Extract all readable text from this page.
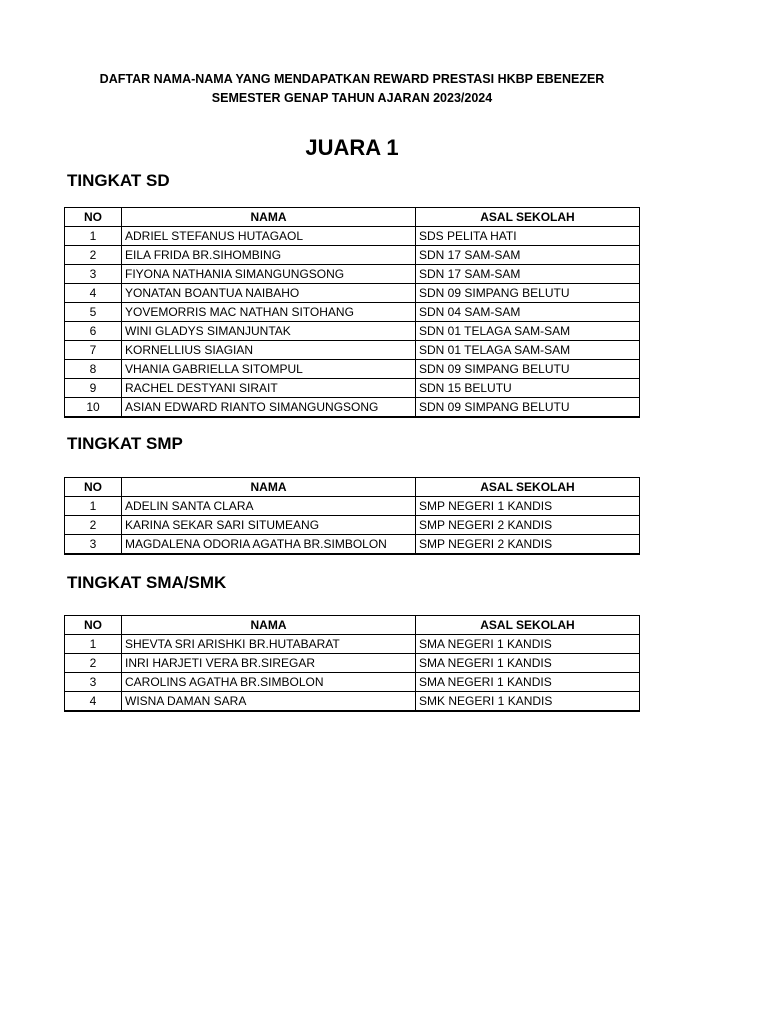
DAFTAR NAMA-NAMA YANG MENDAPATKAN REWARD PRESTASI HKBP EBENEZER
SEMESTER GENAP TAHUN AJARAN 2023/2024
JUARA 1
TINGKAT SD
NO	NAMA	ASAL SEKOLAH
1	ADRIEL STEFANUS HUTAGAOL	SDS PELITA HATI
2	EILA FRIDA BR.SIHOMBING	SDN 17 SAM-SAM
3	FIYONA NATHANIA SIMANGUNGSONG	SDN 17 SAM-SAM
4	YONATAN BOANTUA NAIBAHO	SDN 09 SIMPANG BELUTU
5	YOVEMORRIS MAC NATHAN SITOHANG	SDN 04 SAM-SAM
6	WINI GLADYS SIMANJUNTAK	SDN 01 TELAGA SAM-SAM
7	KORNELLIUS SIAGIAN	SDN 01 TELAGA SAM-SAM
8	VHANIA GABRIELLA SITOMPUL	SDN 09 SIMPANG BELUTU
9	RACHEL DESTYANI SIRAIT	SDN 15 BELUTU
10	ASIAN EDWARD RIANTO SIMANGUNGSONG	SDN 09 SIMPANG BELUTU
TINGKAT SMP
NO	NAMA	ASAL SEKOLAH
1	ADELIN SANTA CLARA	SMP NEGERI 1 KANDIS
2	KARINA SEKAR SARI SITUMEANG	SMP NEGERI 2 KANDIS
3	MAGDALENA ODORIA AGATHA BR.SIMBOLON	SMP NEGERI 2 KANDIS
TINGKAT SMA/SMK
NO	NAMA	ASAL SEKOLAH
1	SHEVTA SRI ARISHKI BR.HUTABARAT	SMA NEGERI 1 KANDIS
2	INRI HARJETI VERA BR.SIREGAR	SMA NEGERI 1 KANDIS
3	CAROLINS AGATHA BR.SIMBOLON	SMA NEGERI 1 KANDIS
4	WISNA DAMAN SARA	SMK NEGERI 1 KANDIS
